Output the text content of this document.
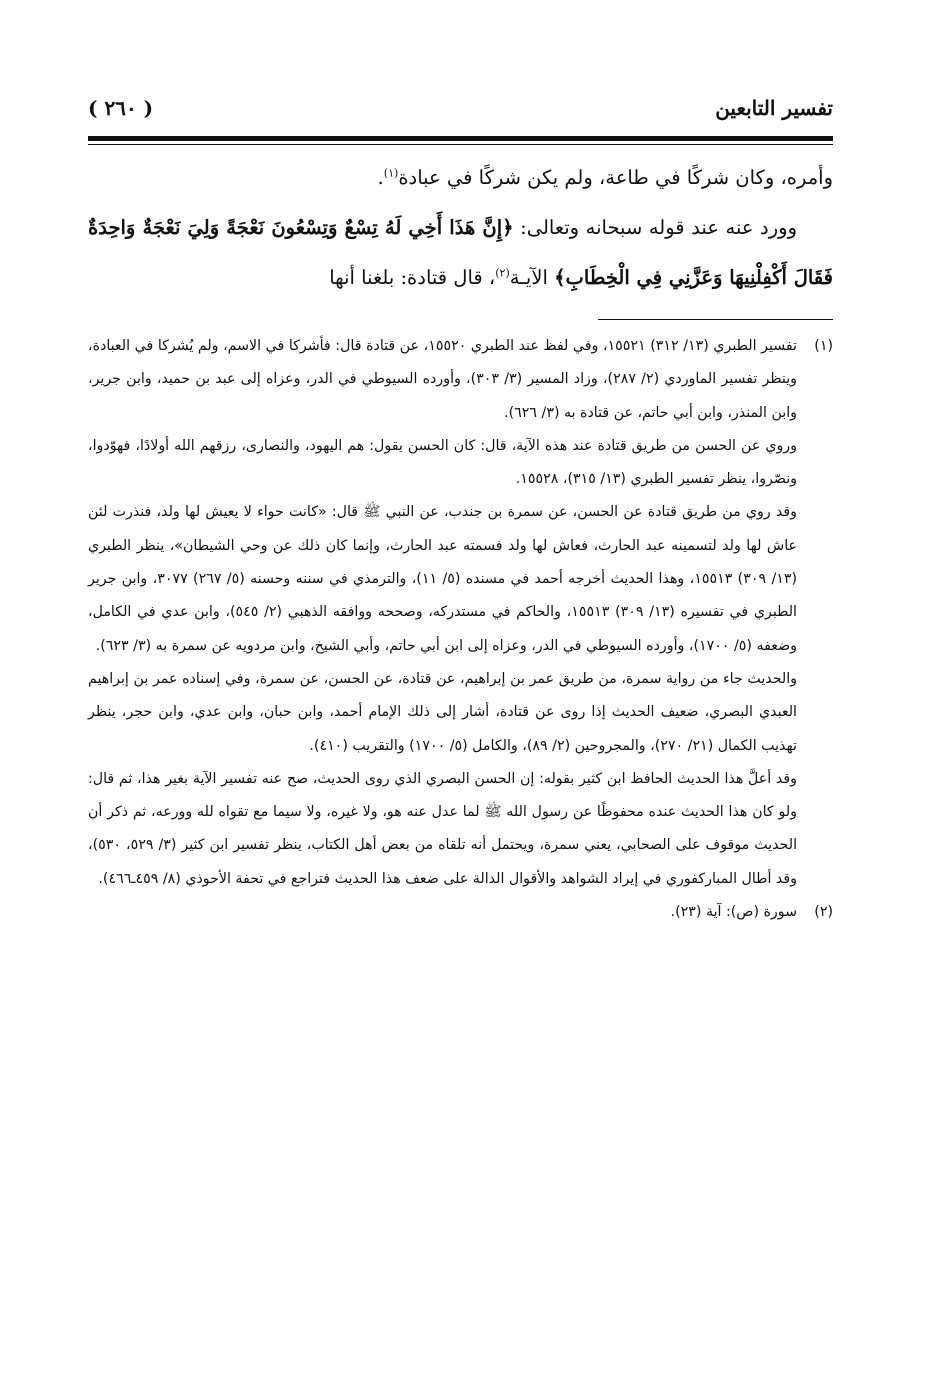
تفسير التابعين
( ٢٦٠ )

وأمره، وكان شركًا في طاعة، ولم يكن شركًا في عبادة$^{(١)}$.

وورد عنه عند قوله سبحانه وتعالى: ﴿إِنَّ هَذَا أَخِي لَهُ تِسْعٌ وَتِسْعُونَ نَعْجَةً وَلِيَ نَعْجَةٌ وَاحِدَةٌ فَقَالَ أَكْفِلْنِيهَا وَعَزَّنِي فِي الْخِطَابِ﴾ الآيـة$^{(٢)}$، قال قتادة: بلغنا أنها

(١)تفسير الطبري (١٣/ ٣١٢) ١٥٥٢١، وفي لفظ عند الطبري ١٥٥٢٠، عن قتادة قال: فأشركا في الاسم، ولم يُشركا في العبادة، وينظر تفسير الماوردي (٢/ ٢٨٧)، وزاد المسير (٣/ ٣٠٣)، وأورده السيوطي في الدر، وعزاه إلى عبد بن حميد، وابن جرير، وابن المنذر، وابن أبي حاتم، عن قتادة به (٣/ ٦٢٦).

وروي عن الحسن من طريق قتادة عند هذه الآية، قال: كان الحسن يقول: هم اليهود، والنصارى، رزقهم الله أولادًا، فهوّدوا، ونصّروا، ينظر تفسير الطبري (١٣/ ٣١٥)، ١٥٥٢٨.

وقد روي من طريق قتادة عن الحسن، عن سمرة بن جندب، عن النبي ﷺ قال: «كانت حواء لا يعيش لها ولد، فنذرت لئن عاش لها ولد لتسمينه عبد الحارث، فعاش لها ولد فسمته عبد الحارث، وإنما كان ذلك عن وحي الشيطان»، ينظر الطبري (١٣/ ٣٠٩) ١٥٥١٣، وهذا الحديث أخرجه أحمد في مسنده (٥/ ١١)، والترمذي في سننه وحسنه (٥/ ٢٦٧) ٣٠٧٧، وابن جرير الطبري في تفسيره (١٣/ ٣٠٩) ١٥٥١٣، والحاكم في مستدركه، وصححه ووافقه الذهبي (٢/ ٥٤٥)، وابن عدي في الكامل، وضعفه (٥/ ١٧٠٠)، وأورده السيوطي في الدر، وعزاه إلى ابن أبي حاتم، وأبي الشيخ، وابن مردويه عن سمرة به (٣/ ٦٢٣).

والحديث جاء من رواية سمرة، من طريق عمر بن إبراهيم، عن قتادة، عن الحسن، عن سمرة، وفي إسناده عمر بن إبراهيم العبدي البصري، ضعيف الحديث إذا روى عن قتادة، أشار إلى ذلك الإمام أحمد، وابن حبان، وابن عدي، وابن حجر، ينظر تهذيب الكمال (٢١/ ٢٧٠)، والمجروحين (٢/ ٨٩)، والكامل (٥/ ١٧٠٠) والتقريب (٤١٠).

وقد أعلَّ هذا الحديث الحافظ ابن كثير بقوله: إن الحسن البصري الذي روى الحديث، صح عنه تفسير الآية بغير هذا، ثم قال: ولو كان هذا الحديث عنده محفوظًا عن رسول الله ﷺ لما عدل عنه هو، ولا غيره، ولا سيما مع تقواه لله وورعه، ثم ذكر أن الحديث موقوف على الصحابي، يعني سمرة، ويحتمل أنه تلقاه من بعض أهل الكتاب، ينظر تفسير ابن كثير (٣/ ٥٢٩، ٥٣٠)، وقد أطال المباركفوري في إيراد الشواهد والأقوال الدالة على ضعف هذا الحديث فتراجع في تحفة الأحوذي (٨/ ٤٥٩ـ٤٦٦).

(٢)سورة (ص): آية (٢٣).
